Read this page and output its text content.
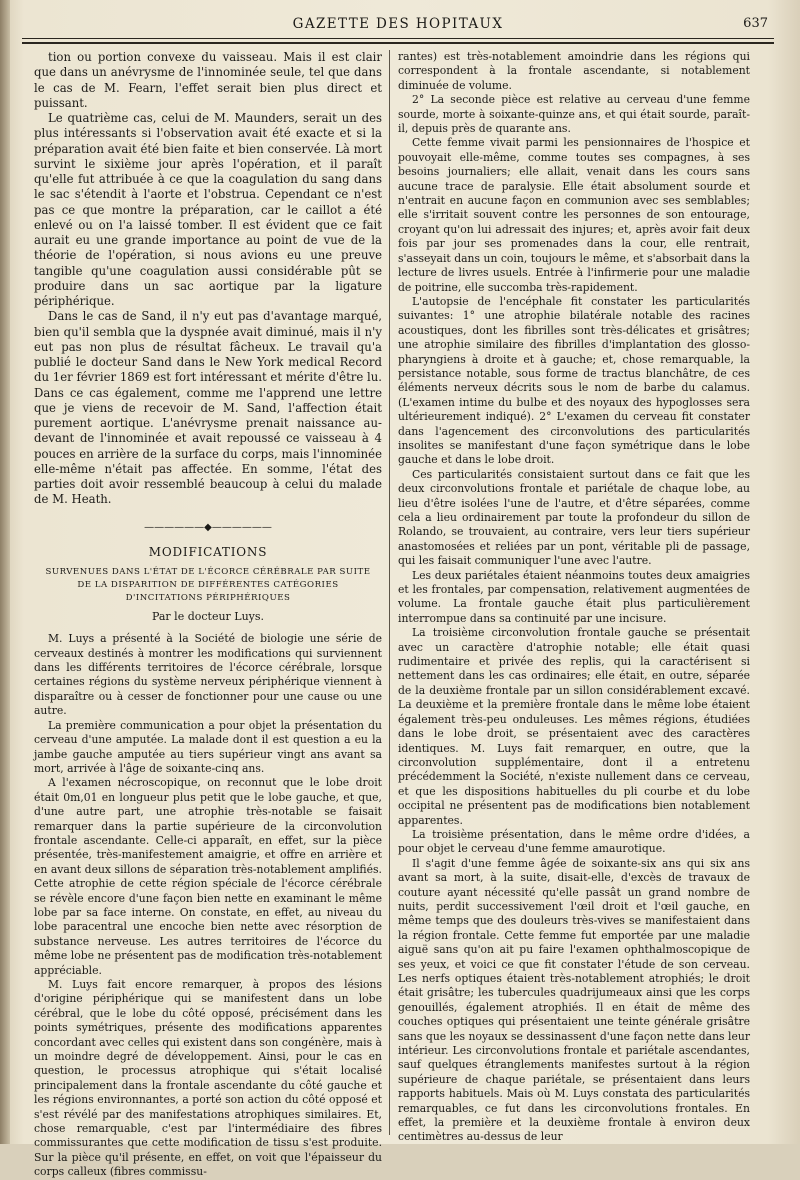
GAZETTE DES HOPITAUX	637

tion ou portion convexe du vaisseau. Mais il est clair que dans un anévrysme de l'innominée seule, tel que dans le cas de M. Fearn, l'effet serait bien plus direct et puissant.

Le quatrième cas, celui de M. Maunders, serait un des plus intéressants si l'observation avait été exacte et si la préparation avait été bien faite et bien conservée. Là mort survint le sixième jour après l'opération, et il paraît qu'elle fut attribuée à ce que la coagulation du sang dans le sac s'étendit à l'aorte et l'obstrua. Cependant ce n'est pas ce que montre la préparation, car le caillot a été enlevé ou on l'a laissé tomber. Il est évident que ce fait aurait eu une grande importance au point de vue de la théorie de l'opération, si nous avions eu une preuve tangible qu'une coagulation aussi considérable pût se produire dans un sac aortique par la ligature périphérique.

Dans le cas de Sand, il n'y eut pas d'avantage marqué, bien qu'il sembla que la dyspnée avait diminué, mais il n'y eut pas non plus de résultat fâcheux. Le travail qu'a publié le docteur Sand dans le New York medical Record du 1er février 1869 est fort intéressant et mérite d'être lu. Dans ce cas également, comme me l'apprend une lettre que je viens de recevoir de M. Sand, l'affection était purement aortique. L'anévrysme prenait naissance au-devant de l'innominée et avait repoussé ce vaisseau à 4 pouces en arrière de la surface du corps, mais l'innominée elle-même n'était pas affectée. En somme, l'état des parties doit avoir ressemblé beaucoup à celui du malade de M. Heath.

——————◆——————
MODIFICATIONS
SURVENUES DANS L'ÉTAT DE L'ÉCORCE CÉRÉBRALE PAR SUITE DE LA DISPARITION DE DIFFÉRENTES CATÉGORIES D'INCITATIONS PÉRIPHÉRIQUES
Par le docteur Luys.

M. Luys a présenté à la Société de biologie une série de cerveaux destinés à montrer les modifications qui surviennent dans les différents territoires de l'écorce cérébrale, lorsque certaines régions du système nerveux périphérique viennent à disparaître ou à cesser de fonctionner pour une cause ou une autre.

La première communication a pour objet la présentation du cerveau d'une amputée. La malade dont il est question a eu la jambe gauche amputée au tiers supérieur vingt ans avant sa mort, arrivée à l'âge de soixante-cinq ans.

A l'examen nécroscopique, on reconnut que le lobe droit était 0m,01 en longueur plus petit que le lobe gauche, et que, d'une autre part, une atrophie très-notable se faisait remarquer dans la partie supérieure de la circonvolution frontale ascendante. Celle-ci apparaît, en effet, sur la pièce présentée, très-manifestement amaigrie, et offre en arrière et en avant deux sillons de séparation très-notablement amplifiés. Cette atrophie de cette région spéciale de l'écorce cérébrale se révèle encore d'une façon bien nette en examinant le même lobe par sa face interne. On constate, en effet, au niveau du lobe paracentral une encoche bien nette avec résorption de substance nerveuse. Les autres territoires de l'écorce du même lobe ne présentent pas de modification très-notablement appréciable.

M. Luys fait encore remarquer, à propos des lésions d'origine périphérique qui se manifestent dans un lobe cérébral, que le lobe du côté opposé, précisément dans les points symétriques, présente des modifications apparentes concordant avec celles qui existent dans son congénère, mais à un moindre degré de développement. Ainsi, pour le cas en question, le processus atrophique qui s'était localisé principalement dans la frontale ascendante du côté gauche et les régions environnantes, a porté son action du côté opposé et s'est révélé par des manifestations atrophiques similaires. Et, chose remarquable, c'est par l'intermédiaire des fibres commissurantes que cette modification de tissu s'est produite. Sur la pièce qu'il présente, en effet, on voit que l'épaisseur du corps calleux (fibres commissu-

rantes) est très-notablement amoindrie dans les régions qui correspondent à la frontale ascendante, si notablement diminuée de volume.

2° La seconde pièce est relative au cerveau d'une femme sourde, morte à soixante-quinze ans, et qui était sourde, paraît-il, depuis près de quarante ans.

Cette femme vivait parmi les pensionnaires de l'hospice et pouvoyait elle-même, comme toutes ses compagnes, à ses besoins journaliers; elle allait, venait dans les cours sans aucune trace de paralysie. Elle était absolument sourde et n'entrait en aucune façon en communion avec ses semblables; elle s'irritait souvent contre les personnes de son entourage, croyant qu'on lui adressait des injures; et, après avoir fait deux fois par jour ses promenades dans la cour, elle rentrait, s'asseyait dans un coin, toujours le même, et s'absorbait dans la lecture de livres usuels. Entrée à l'infirmerie pour une maladie de poitrine, elle succomba très-rapidement.

L'autopsie de l'encéphale fit constater les particularités suivantes: 1° une atrophie bilatérale notable des racines acoustiques, dont les fibrilles sont très-délicates et grisâtres; une atrophie similaire des fibrilles d'implantation des glosso-pharyngiens à droite et à gauche; et, chose remarquable, la persistance notable, sous forme de tractus blanchâtre, de ces éléments nerveux décrits sous le nom de barbe du calamus. (L'examen intime du bulbe et des noyaux des hypoglosses sera ultérieurement indiqué). 2° L'examen du cerveau fit constater dans l'agencement des circonvolutions des particularités insolites se manifestant d'une façon symétrique dans le lobe gauche et dans le lobe droit.

Ces particularités consistaient surtout dans ce fait que les deux circonvolutions frontale et pariétale de chaque lobe, au lieu d'être isolées l'une de l'autre, et d'être séparées, comme cela a lieu ordinairement par toute la profondeur du sillon de Rolando, se trouvaient, au contraire, vers leur tiers supérieur anastomosées et reliées par un pont, véritable pli de passage, qui les faisait communiquer l'une avec l'autre.

Les deux pariétales étaient néanmoins toutes deux amaigries et les frontales, par compensation, relativement augmentées de volume. La frontale gauche était plus particulièrement interrompue dans sa continuité par une incisure.

La troisième circonvolution frontale gauche se présentait avec un caractère d'atrophie notable; elle était quasi rudimentaire et privée des replis, qui la caractérisent si nettement dans les cas ordinaires; elle était, en outre, séparée de la deuxième frontale par un sillon considérablement excavé. La deuxième et la première frontale dans le même lobe étaient également très-peu onduleuses. Les mêmes régions, étudiées dans le lobe droit, se présentaient avec des caractères identiques. M. Luys fait remarquer, en outre, que la circonvolution supplémentaire, dont il a entretenu précédemment la Société, n'existe nullement dans ce cerveau, et que les dispositions habituelles du pli courbe et du lobe occipital ne présentent pas de modifications bien notablement apparentes.

La troisième présentation, dans le même ordre d'idées, a pour objet le cerveau d'une femme amaurotique.

Il s'agit d'une femme âgée de soixante-six ans qui six ans avant sa mort, à la suite, disait-elle, d'excès de travaux de couture ayant nécessité qu'elle passât un grand nombre de nuits, perdit successivement l'œil droit et l'œil gauche, en même temps que des douleurs très-vives se manifestaient dans la région frontale. Cette femme fut emportée par une maladie aiguë sans qu'on ait pu faire l'examen ophthalmoscopique de ses yeux, et voici ce que fit constater l'étude de son cerveau. Les nerfs optiques étaient très-notablement atrophiés; le droit était grisâtre; les tubercules quadrijumeaux ainsi que les corps genouillés, également atrophiés. Il en était de même des couches optiques qui présentaient une teinte générale grisâtre sans que les noyaux se dessinassent d'une façon nette dans leur intérieur. Les circonvolutions frontale et pariétale ascendantes, sauf quelques étranglements manifestes surtout à la région supérieure de chaque pariétale, se présentaient dans leurs rapports habituels. Mais où M. Luys constata des particularités remarquables, ce fut dans les circonvolutions frontales. En effet, la première et la deuxième frontale à environ deux centimètres au-dessus de leur
